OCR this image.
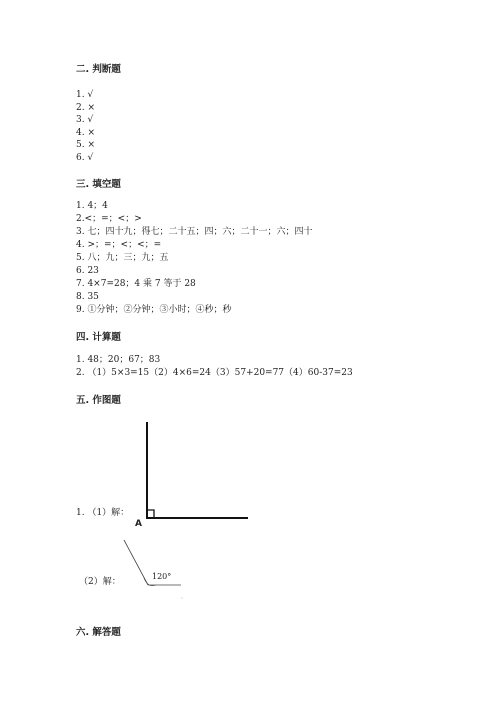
二. 判断题
1. √
2. ×
3. √
4. ×
5. ×
6. √
三. 填空题
1. 4；4
2.<；=；<；>
3. 七；四十九；得七；二十五；四；六；二十一；六；四十
4. >；=；<；<；=
5. 八；九；三；九；五
6. 23
7. 4×7=28；4 乘 7 等于 28
8. 35
9. ①分钟；②分钟；③小时；④秒；秒
四. 计算题
1. 48；20；67；83
2. （1）5×3=15（2）4×6=24（3）57+20=77（4）60-37=23
五. 作图题
1. （1）解：
A
（2）解：
120°
六. 解答题
